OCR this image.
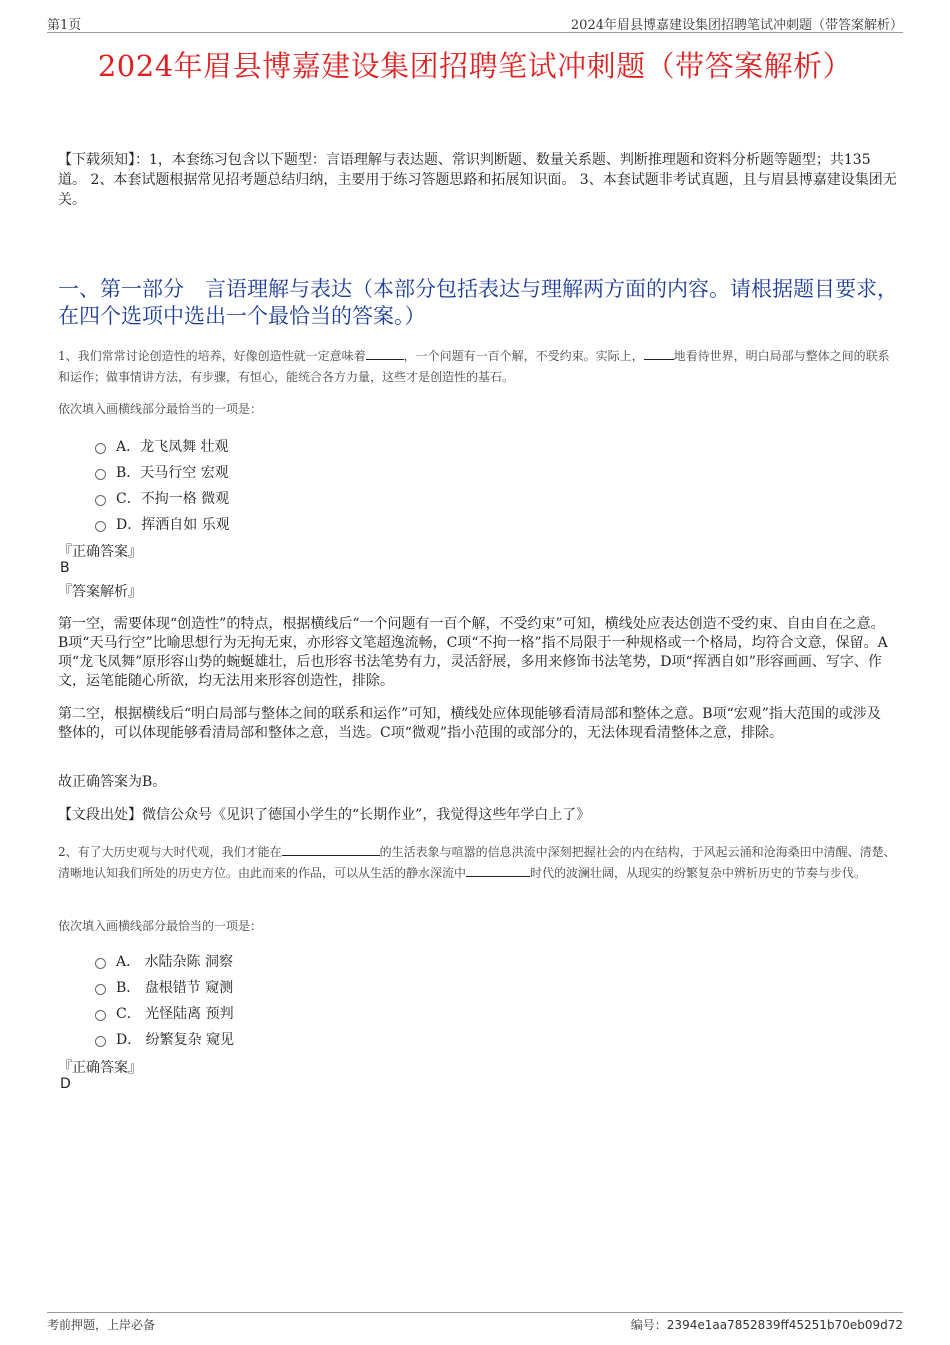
第1页	2024年眉县博嘉建设集团招聘笔试冲刺题（带答案解析）
2024年眉县博嘉建设集团招聘笔试冲刺题（带答案解析）
【下载须知】：1，本套练习包含以下题型：言语理解与表达题、常识判断题、数量关系题、判断推理题和资料分析题等题型；共135道。 2、本套试题根据常见招考题总结归纳，主要用于练习答题思路和拓展知识面。 3、本套试题非考试真题，且与眉县博嘉建设集团无关。
一、第一部分　言语理解与表达（本部分包括表达与理解两方面的内容。请根据题目要求，在四个选项中选出一个最恰当的答案。）
1、我们常常讨论创造性的培养，好像创造性就一定意味着	，一个问题有一百个解，不受约束。实际上，	地看待世界，明白局部与整体之间的联系和运作；做事情讲方法，有步骤，有恒心，能统合各方力量，这些才是创造性的基石。
依次填入画横线部分最恰当的一项是：
A．龙飞凤舞 壮观
B．天马行空 宏观
C．不拘一格 微观
D．挥洒自如 乐观
『正确答案』
B
『答案解析』
第一空，需要体现“创造性”的特点，根据横线后“一个问题有一百个解，不受约束”可知，横线处应表达创造不受约束、自由自在之意。B项“天马行空”比喻思想行为无拘无束，亦形容文笔超逸流畅，C项“不拘一格”指不局限于一种规格或一个格局，均符合文意，保留。A项“龙飞凤舞”原形容山势的蜿蜒雄壮，后也形容书法笔势有力，灵活舒展，多用来修饰书法笔势，D项“挥洒自如”形容画画、写字、作文，运笔能随心所欲，均无法用来形容创造性，排除。
第二空，根据横线后“明白局部与整体之间的联系和运作”可知，横线处应体现能够看清局部和整体之意。B项“宏观”指大范围的或涉及整体的，可以体现能够看清局部和整体之意，当选。C项“微观”指小范围的或部分的，无法体现看清整体之意，排除。
故正确答案为B。
【文段出处】微信公众号《见识了德国小学生的“长期作业”，我觉得这些年学白上了》
2、有了大历史观与大时代观，我们才能在	的生活表象与喧嚣的信息洪流中深刻把握社会的内在结构，于风起云涌和沧海桑田中清醒、清楚、清晰地认知我们所处的历史方位。由此而来的作品，可以从生活的静水深流中	时代的波澜壮阔，从现实的纷繁复杂中辨析历史的节奏与步伐。
依次填入画横线部分最恰当的一项是：
A． 水陆杂陈 洞察
B． 盘根错节 窥测
C． 光怪陆离 预判
D． 纷繁复杂 窥见
『正确答案』
D
考前押题，上岸必备	编号：2394e1aa7852839ff45251b70eb09d72
